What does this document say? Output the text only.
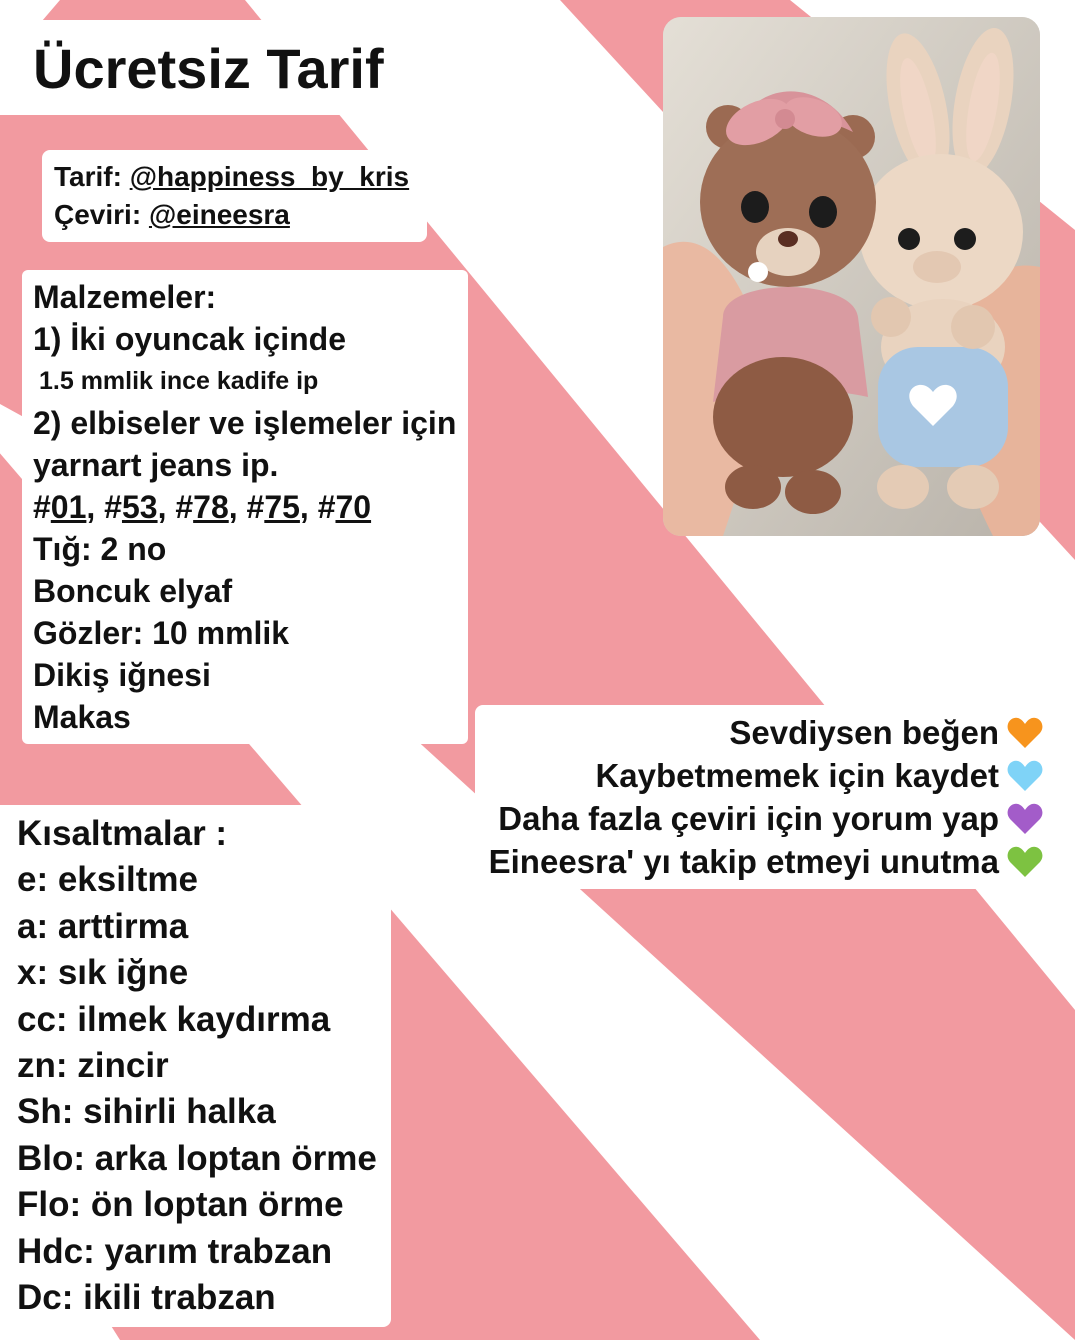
Ücretsiz Tarif
Tarif: @happiness_by_kris
Çeviri: @eineesra
Malzemeler:
1) İki oyuncak içinde
1.5 mmlik ince kadife ip
2) elbiseler ve işlemeler için
yarnart jeans ip.
#01, #53, #78, #75, #70
Tığ: 2 no
Boncuk elyaf
Gözler: 10 mmlik
Dikiş iğnesi
Makas	Sevdiysen beğen
Kaybetmemek için kaydet
Daha fazla çeviri için yorum yap
Eineesra' yı takip etmeyi unutma
Kısaltmalar :
e: eksiltme
a: arttirma
x: sık iğne
cc: ilmek kaydırma
zn: zincir
Sh: sihirli halka
Blo: arka loptan örme
Flo: ön loptan örme
Hdc: yarım trabzan
Dc: ikili trabzan
